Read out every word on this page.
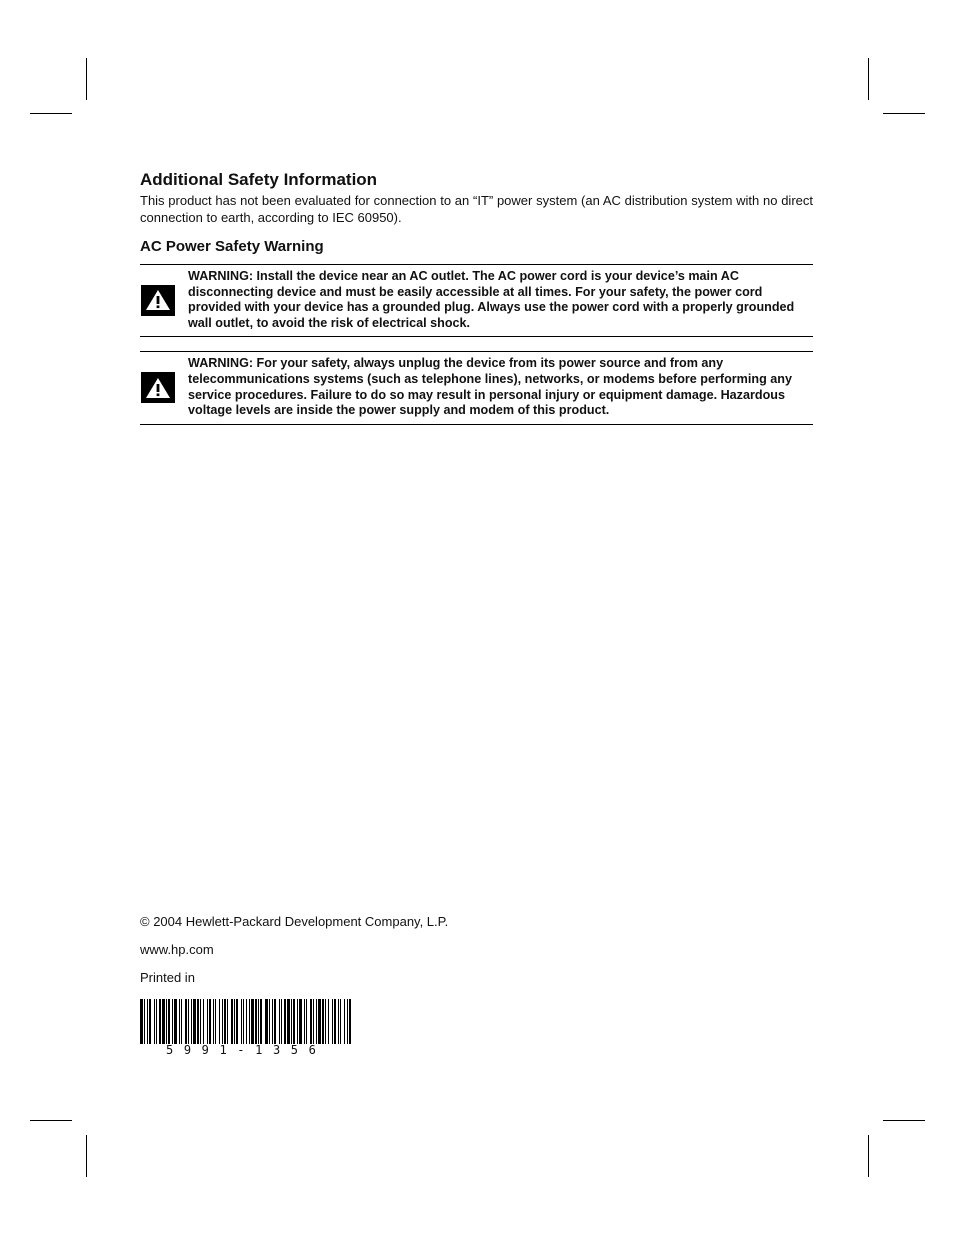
Additional Safety Information

This product has not been evaluated for connection to an “IT” power system (an AC distribution system with no direct connection to earth, according to IEC 60950).

AC Power Safety Warning
WARNING: Install the device near an AC outlet. The AC power cord is your device’s main AC disconnecting device and must be easily accessible at all times. For your safety, the power cord provided with your device has a grounded plug. Always use the power cord with a properly grounded wall outlet, to avoid the risk of electrical shock.
WARNING: For your safety, always unplug the device from its power source and from any telecommunications systems (such as telephone lines), networks, or modems before performing any service procedures. Failure to do so may result in personal injury or equipment damage. Hazardous voltage levels are inside the power supply and modem of this product.

© 2004 Hewlett-Packard Development Company, L.P.

www.hp.com

Printed in

5991-1356
